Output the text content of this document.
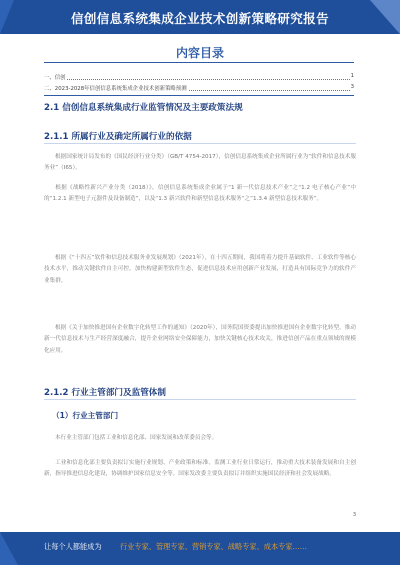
信创信息系统集成企业技术创新策略研究报告
内容目录
一、信创	1
二、2023-2028年信创信息系统集成企业技术创新策略预测	3
2.1 信创信息系统集成行业监管情况及主要政策法规
2.1.1 所属行业及确定所属行业的依据
根据国家统计局发布的《国民经济行业分类》（GB/T 4754-2017），信创信息系统集成企业所属行业为“软件和信息技术服务业”（I65）。
根据《战略性新兴产业分类（2018）》，信创信息系统集成企业属于“1 新一代信息技术产业”之“1.2 电子核心产业”中的“1.2.1 新型电子元器件及设备制造”，以及“1.3 新兴软件和新型信息技术服务”之“1.3.4 新型信息技术服务”。
根据《“十四五”软件和信息技术服务业发展规划》（2021年），在十四五期间，我国将着力提升基础软件、工业软件等核心技术水平，推动关键软件自主可控，加快构建新型软件生态，促进信息技术应用创新产业发展，打造具有国际竞争力的软件产业集群。
根据《关于加快推进国有企业数字化转型工作的通知》（2020年），国务院国资委提出加快推进国有企业数字化转型，推动新一代信息技术与生产经营深度融合，提升企业网络安全保障能力，加快关键核心技术攻关，推进信创产品在重点领域的规模化应用。
2.1.2 行业主管部门及监管体制
（1）行业主管部门
本行业主管部门包括工业和信息化部、国家发展和改革委员会等。
工业和信息化部主要负责拟订实施行业规划、产业政策和标准，监测工业行业日常运行，推动重大技术装备发展和自主创新，指导推进信息化建设，协调维护国家信息安全等。国家发改委主要负责拟订并组织实施国民经济和社会发展战略。
3
让每个人都能成为	行业专家、管理专家、营销专家、战略专家、成本专家……
